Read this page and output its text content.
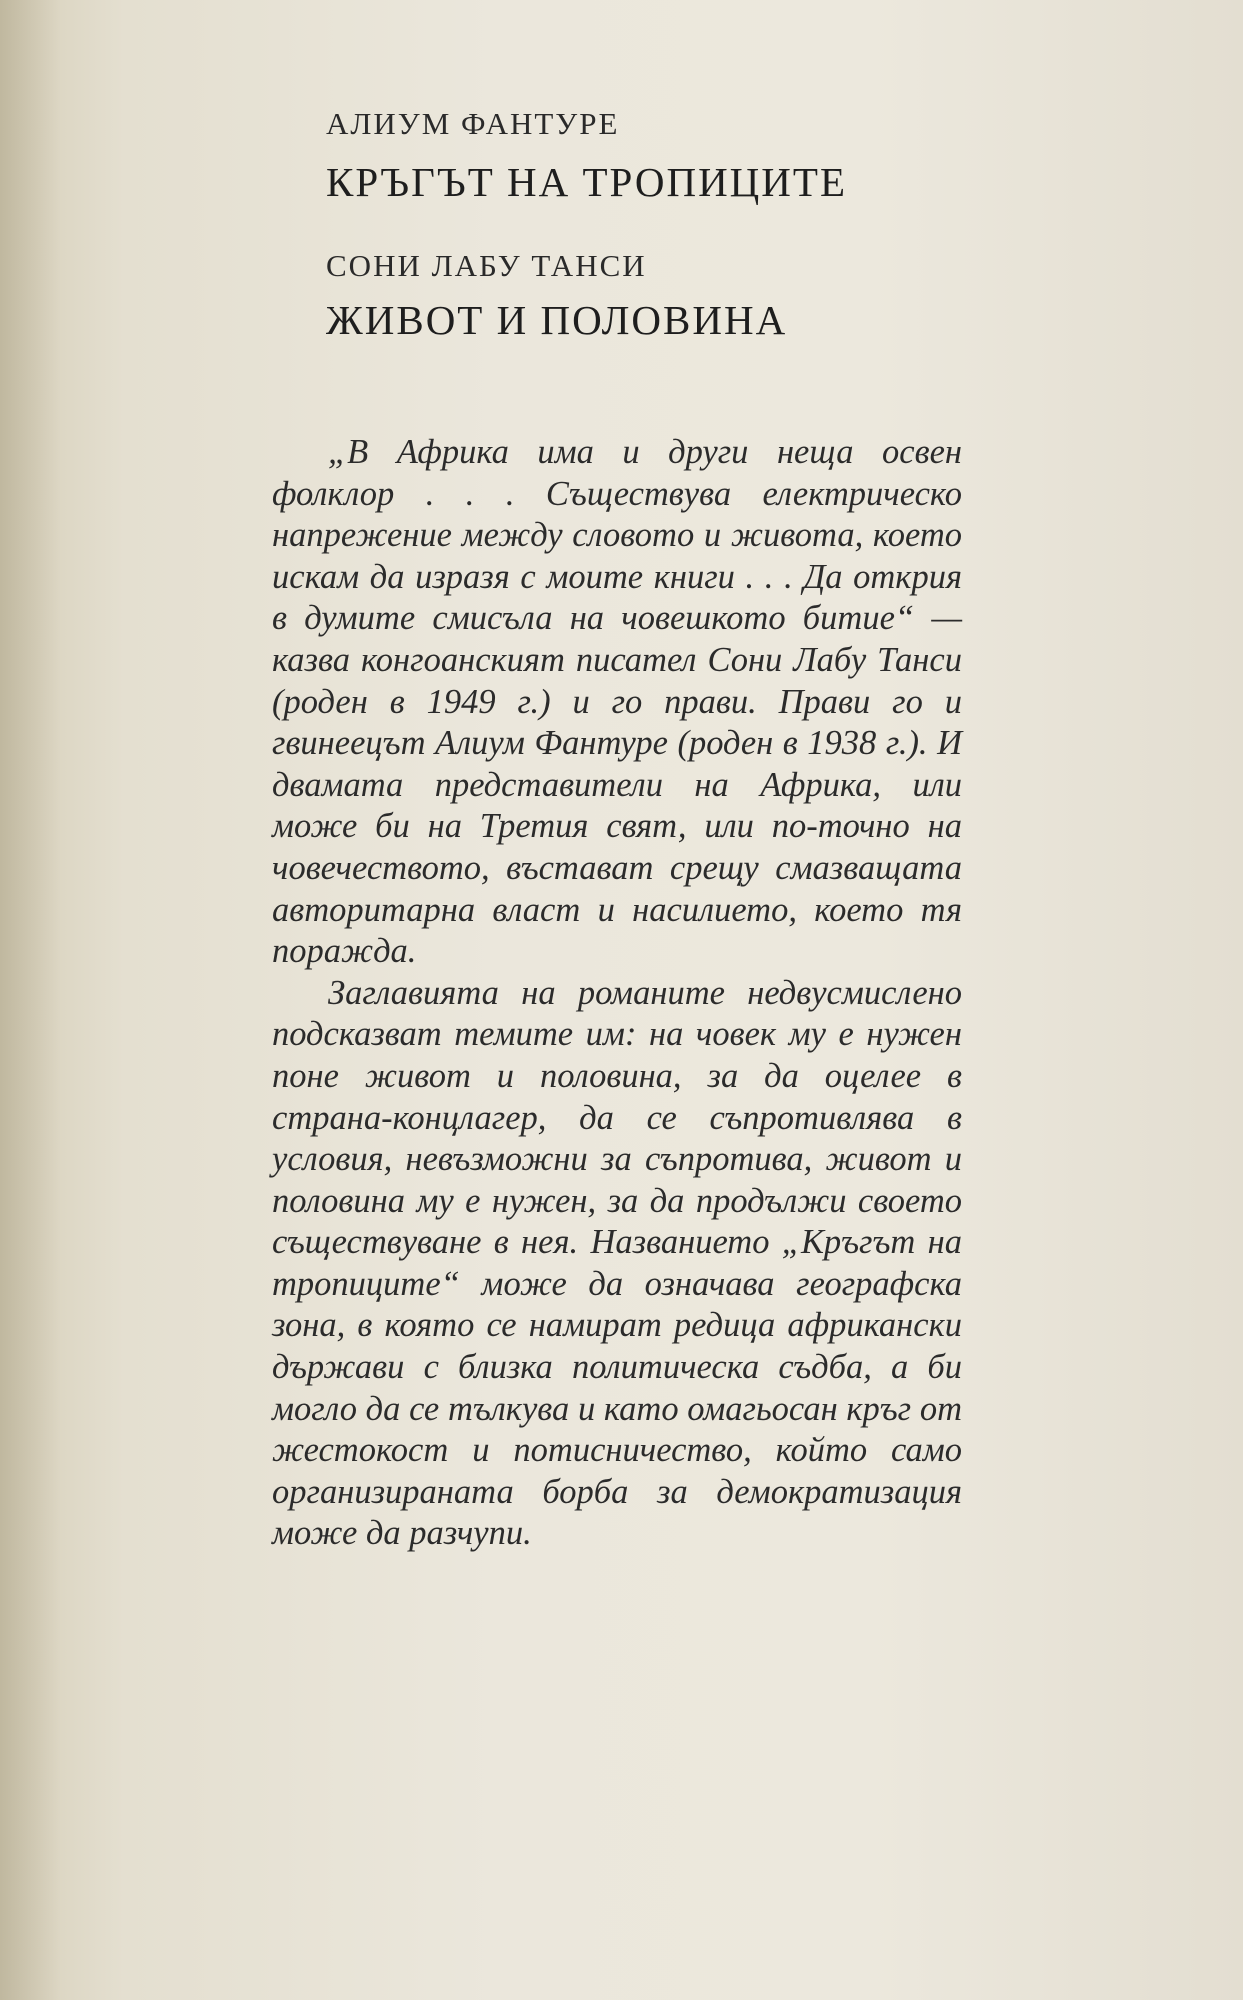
АЛИУМ ФАНТУРЕ

КРЪГЪТ НА ТРОПИЦИТЕ

СОНИ ЛАБУ ТАНСИ

ЖИВОТ И ПОЛОВИНА

„В Африка има и други неща освен фолклор . . . Съществува електрическо напрежение между словото и живота, което искам да изразя с моите книги . . . Да открия в думите смисъла на човешкото битие“ — казва конгоанският писател Сони Лабу Танси (роден в 1949 г.) и го прави. Прави го и гвинеецът Алиум Фантуре (роден в 1938 г.). И двамата представители на Африка, или може би на Третия свят, или по-точно на човечеството, въстават срещу смазващата авторитарна власт и насилието, което тя поражда.

Заглавията на романите недвусмислено подсказват темите им: на човек му е нужен поне живот и половина, за да оцелее в страна-концлагер, да се съпротивлява в условия, невъзможни за съпротива, живот и половина му е нужен, за да продължи своето съществуване в нея. Названието „Кръгът на тропиците“ може да означава географска зона, в която се намират редица африкански държави с близка политическа съдба, а би могло да се тълкува и като омагьосан кръг от жестокост и потисничество, който само организираната борба за демократизация може да разчупи.
